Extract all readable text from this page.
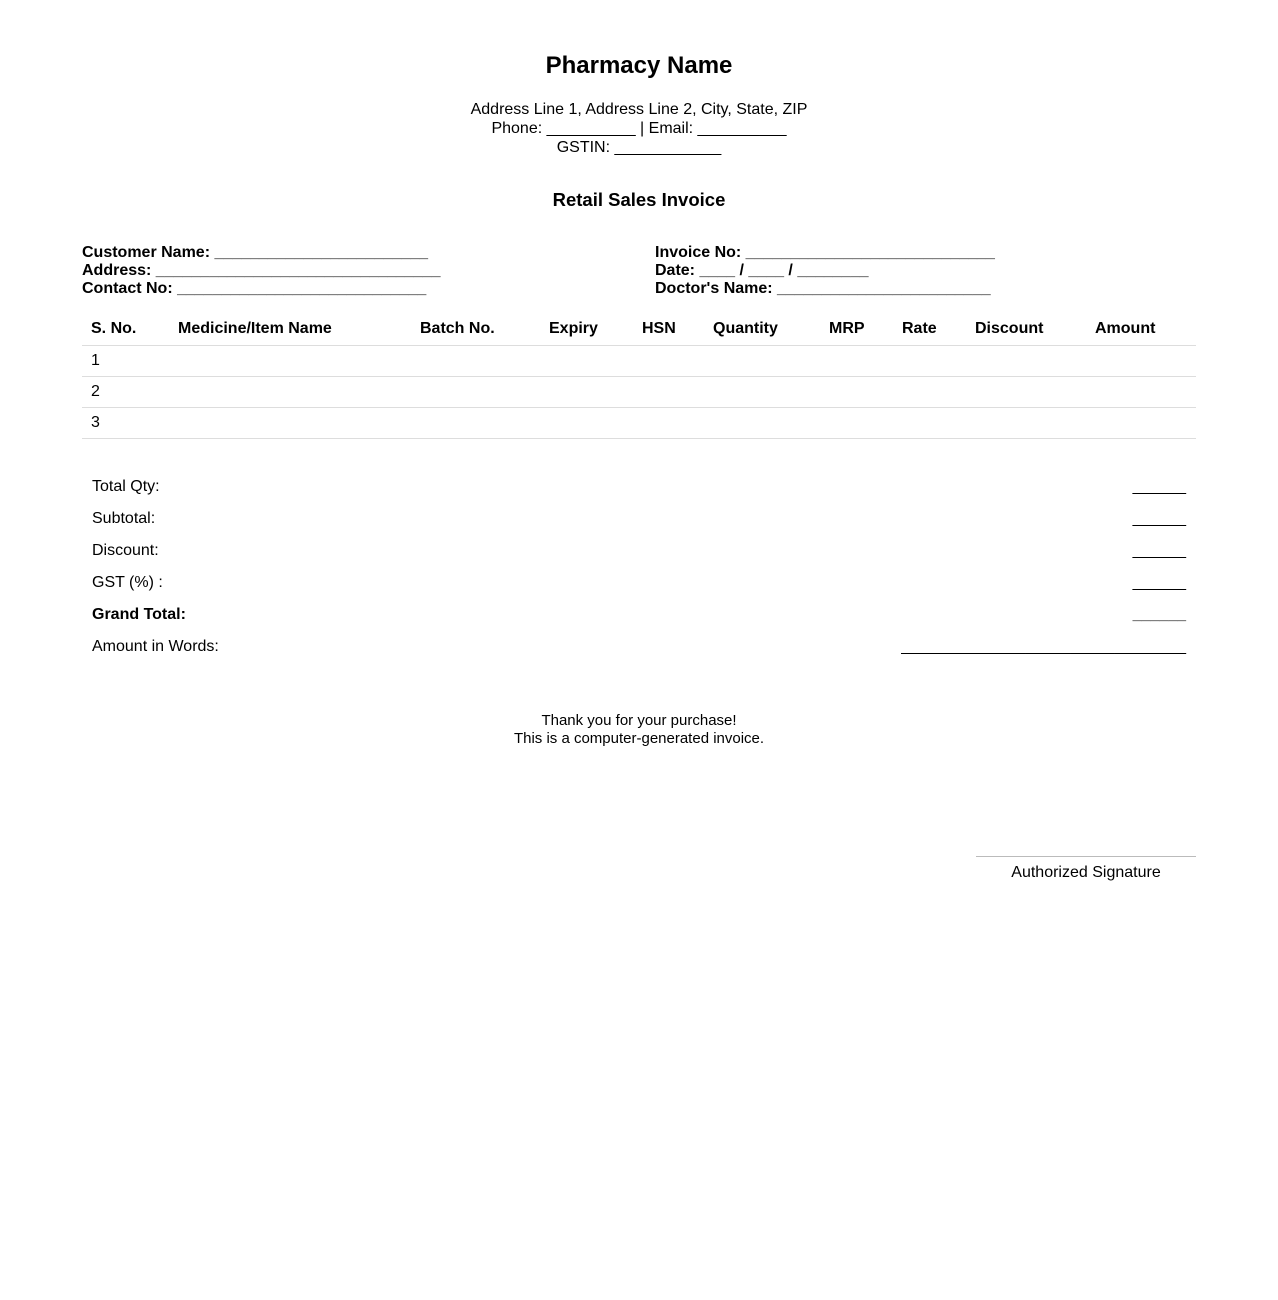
Pharmacy Name
Address Line 1, Address Line 2, City, State, ZIP
Phone: __________ | Email: __________
GSTIN: ____________
Retail Sales Invoice
Customer Name: ________________________
Address: ________________________________
Contact No: ____________________________
Invoice No: ____________________________
Date: ____ / ____ / ________
Doctor's Name: ________________________
S. No.	Medicine/Item Name	Batch No.	Expiry	HSN	Quantity	MRP	Rate	Discount	Amount
1									
2									
3									
Total Qty:	______
Subtotal:	______
Discount:	______
GST (%) :	______
Grand Total:	______
Amount in Words:	________________________________
Thank you for your purchase!
This is a computer-generated invoice.
Authorized Signature
